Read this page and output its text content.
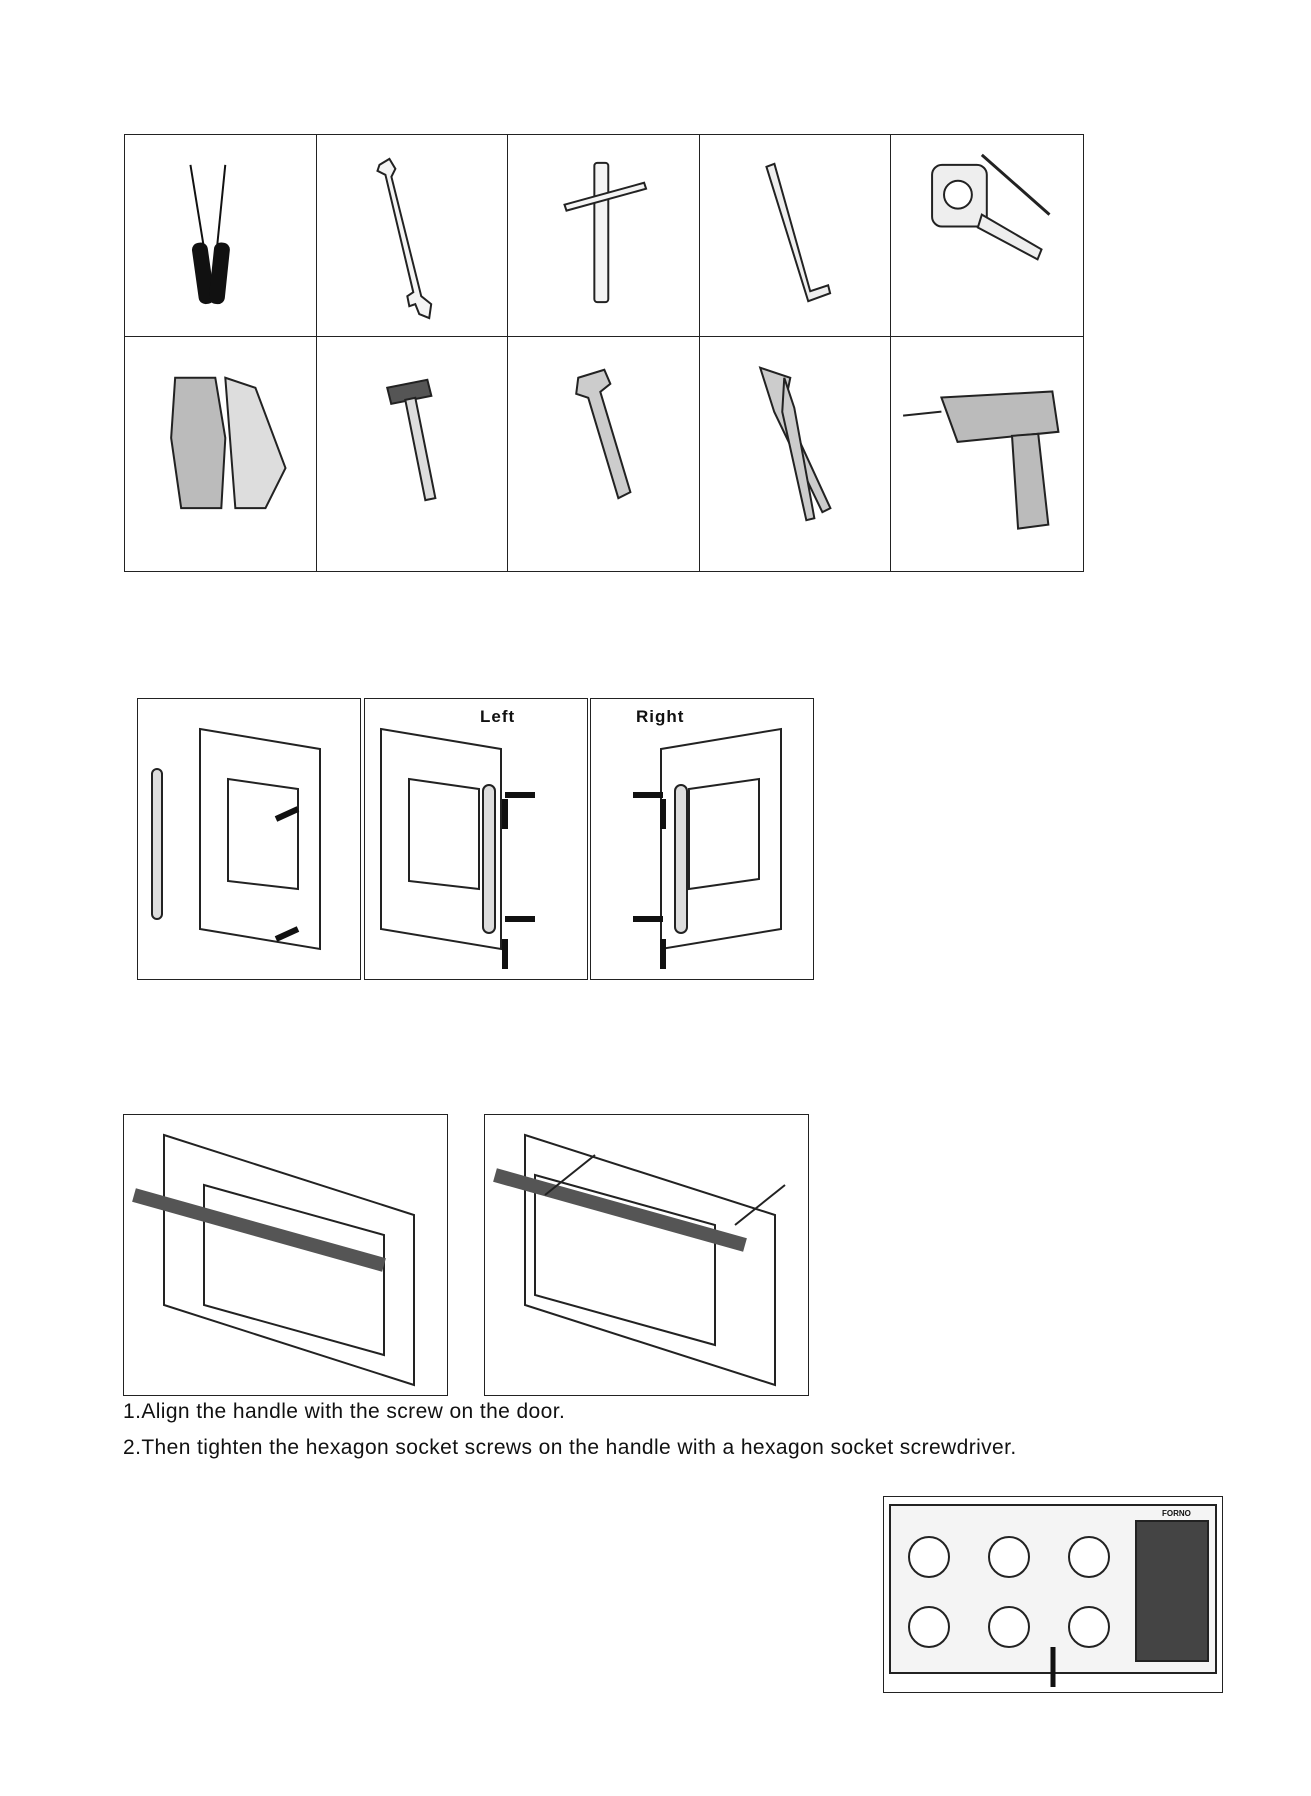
Left	Right
1.Align the handle with the screw on the door.
2.Then tighten the hexagon socket screws on the handle with a hexagon socket screwdriver.
FORNO
